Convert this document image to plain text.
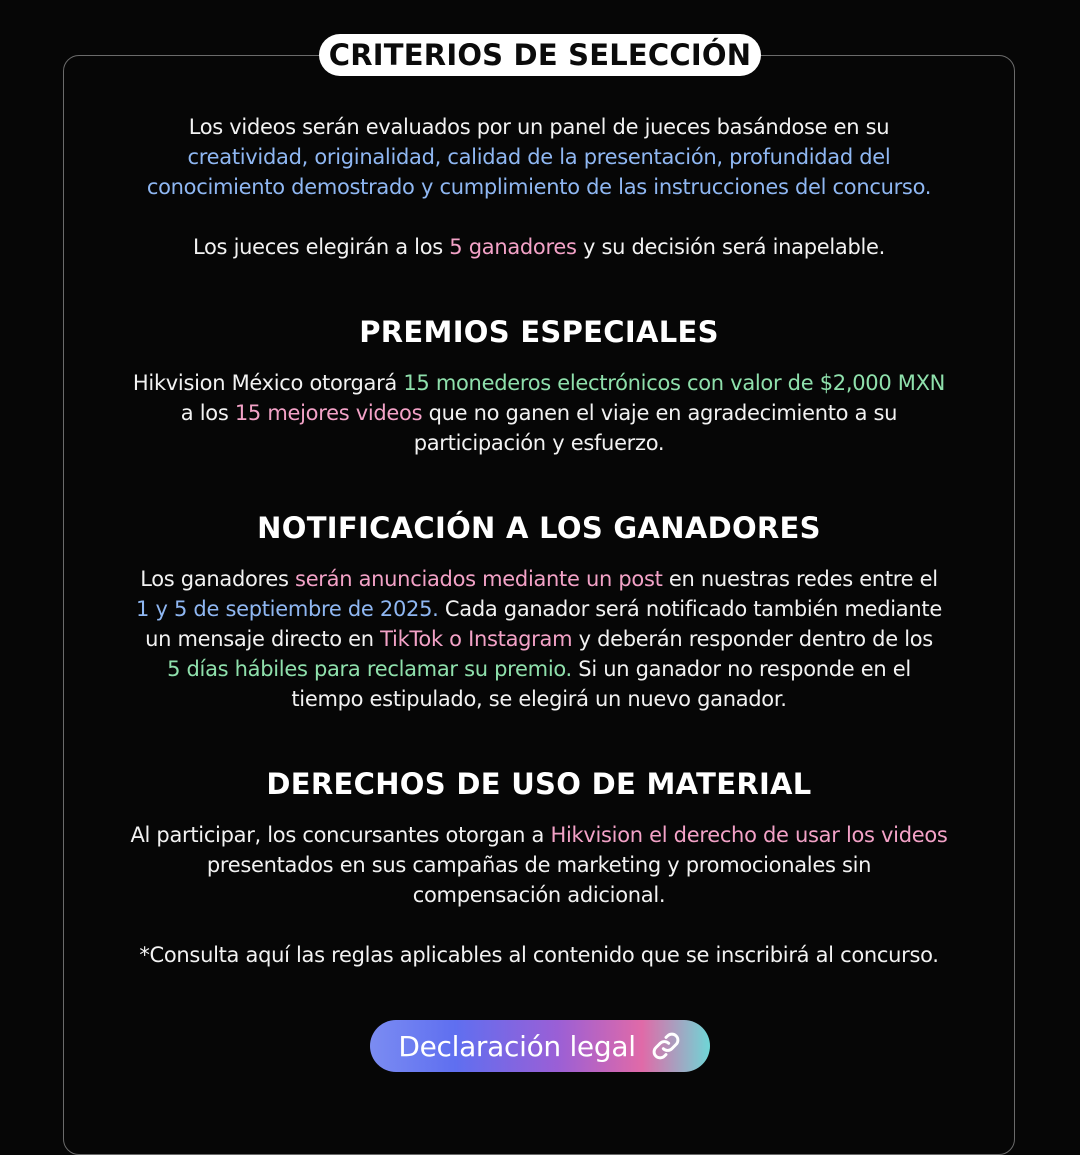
CRITERIOS DE SELECCIÓN

Los videos serán evaluados por un panel de jueces basándose en su
creatividad, originalidad, calidad de la presentación, profundidad del
conocimiento demostrado y cumplimiento de las instrucciones del concurso.

Los jueces elegirán a los 5 ganadores y su decisión será inapelable.

PREMIOS ESPECIALES

Hikvision México otorgará 15 monederos electrónicos con valor de $2,000 MXN
a los 15 mejores videos que no ganen el viaje en agradecimiento a su
participación y esfuerzo.

NOTIFICACIÓN A LOS GANADORES

Los ganadores serán anunciados mediante un post en nuestras redes entre el
1 y 5 de septiembre de 2025. Cada ganador será notificado también mediante
un mensaje directo en TikTok o Instagram y deberán responder dentro de los
5 días hábiles para reclamar su premio. Si un ganador no responde en el
tiempo estipulado, se elegirá un nuevo ganador.

DERECHOS DE USO DE MATERIAL

Al participar, los concursantes otorgan a Hikvision el derecho de usar los videos
presentados en sus campañas de marketing y promocionales sin
compensación adicional.

*Consulta aquí las reglas aplicables al contenido que se inscribirá al concurso.

Declaración legal
